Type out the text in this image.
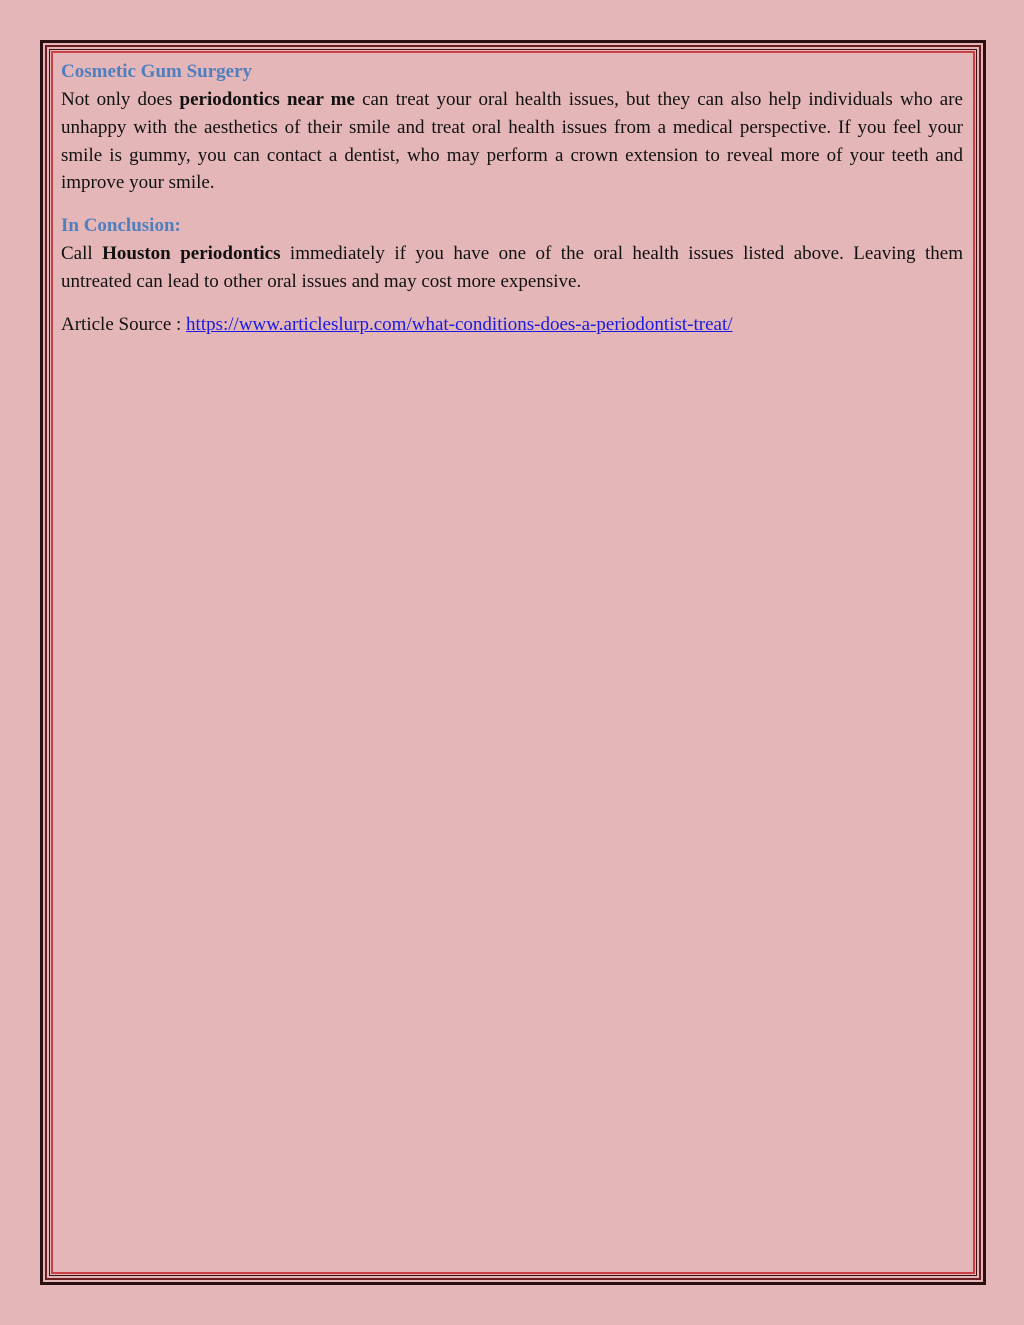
Cosmetic Gum Surgery

Not only does periodontics near me can treat your oral health issues, but they can also help individuals who are unhappy with the aesthetics of their smile and treat oral health issues from a medical perspective. If you feel your smile is gummy, you can contact a dentist, who may perform a crown extension to reveal more of your teeth and improve your smile.

In Conclusion:

Call Houston periodontics immediately if you have one of the oral health issues listed above. Leaving them untreated can lead to other oral issues and may cost more expensive.

Article Source : https://www.articleslurp.com/what-conditions-does-a-periodontist-treat/
